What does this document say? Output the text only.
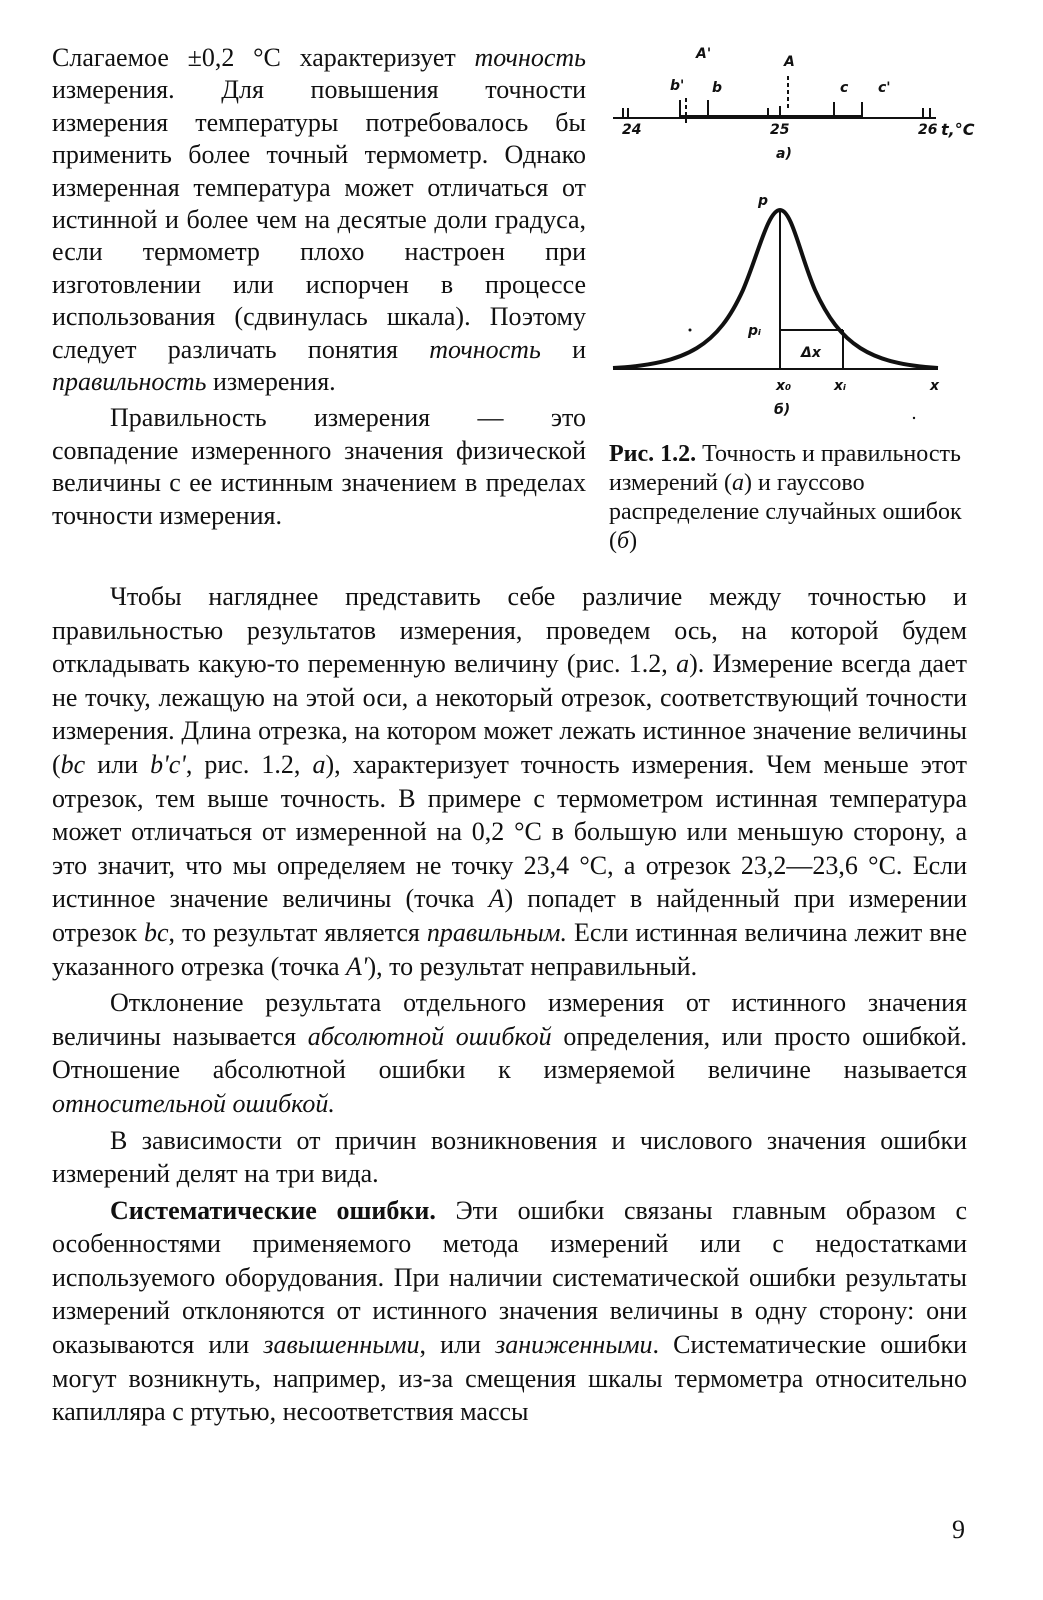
Слагаемое ±0,2 °С характеризует точность измерения. Для повышения точности измерения температуры потребовалось бы применить более точный термометр. Однако измеренная температура может отличаться от истинной и более чем на десятые доли градуса, если термометр плохо настроен при изготовлении или испорчен в процессе использования (сдвинулась шкала). Поэтому следует различать понятия точность и правильность измерения.

Правильность измерения — это совпадение измеренного значения физической величины с ее истинным значением в пределах точности измерения.

A'	A
b' b	c c'
24	25	26 t,°C
а)
p
pᵢ
Δx
x₀	xᵢ	x
б)
Рис. 1.2. Точность и правильность измерений (а) и гауссово распределение случайных ошибок (б)

Чтобы нагляднее представить себе различие между точностью и правильностью результатов измерения, проведем ось, на которой будем откладывать какую-то переменную величину (рис. 1.2, а). Измерение всегда дает не точку, лежащую на этой оси, а некоторый отрезок, соответствующий точности измерения. Длина отрезка, на котором может лежать истинное значение величины (bc или b'c', рис. 1.2, а), характеризует точность измерения. Чем меньше этот отрезок, тем выше точность. В примере с термометром истинная температура может отличаться от измеренной на 0,2 °С в большую или меньшую сторону, а это значит, что мы определяем не точку 23,4 °С, а отрезок 23,2—23,6 °С. Если истинное значение величины (точка А) попадет в найденный при измерении отрезок bc, то результат является правильным. Если истинная величина лежит вне указанного отрезка (точка А'), то результат неправильный.

Отклонение результата отдельного измерения от истинного значения величины называется абсолютной ошибкой определения, или просто ошибкой. Отношение абсолютной ошибки к измеряемой величине называется относительной ошибкой.

В зависимости от причин возникновения и числового значения ошибки измерений делят на три вида.

Систематические ошибки. Эти ошибки связаны главным образом с особенностями применяемого метода измерений или с недостатками используемого оборудования. При наличии систематической ошибки результаты измерений отклоняются от истинного значения величины в одну сторону: они оказываются или завышенными, или заниженными. Систематические ошибки могут возникнуть, например, из-за смещения шкалы термометра относительно капилляра с ртутью, несоответствия массы

9
